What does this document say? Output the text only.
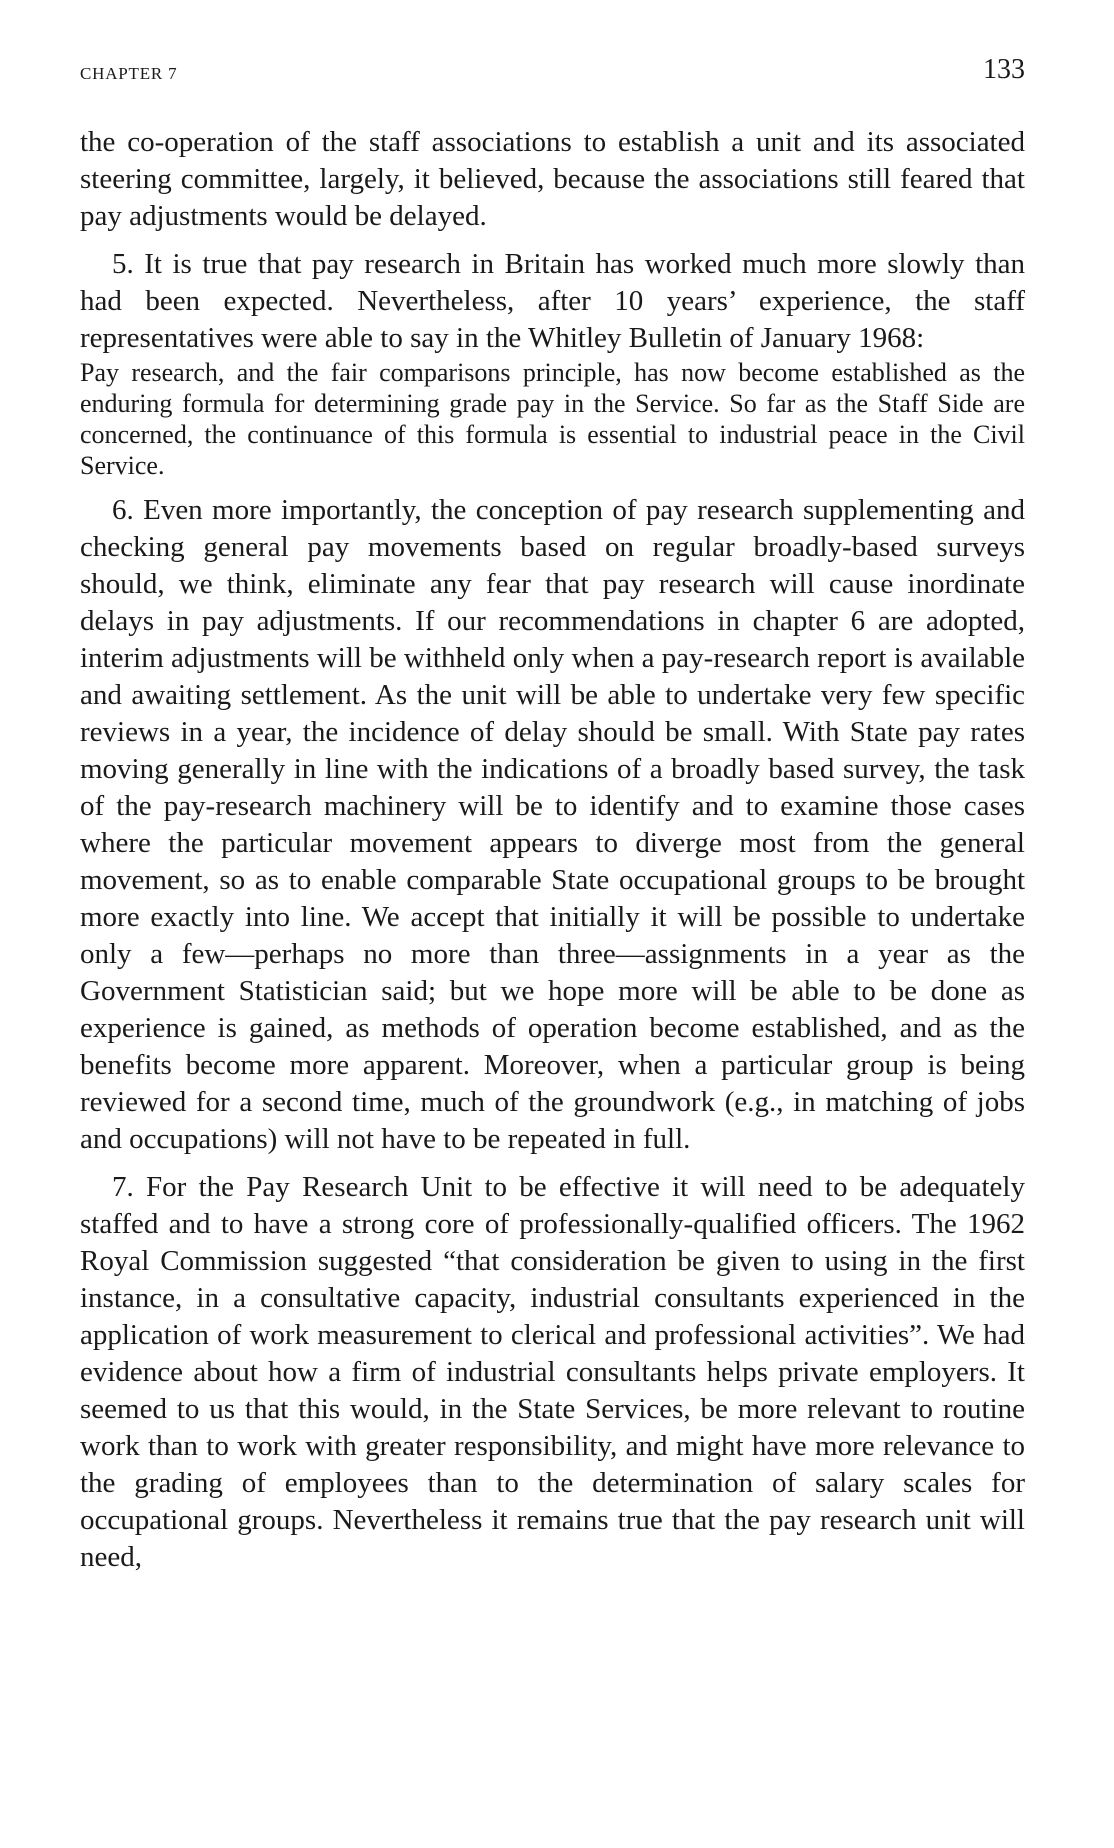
CHAPTER 7	133

the co-operation of the staff associations to establish a unit and its associated steering committee, largely, it believed, because the associations still feared that pay adjustments would be delayed.

5. It is true that pay research in Britain has worked much more slowly than had been expected. Nevertheless, after 10 years’ experience, the staff representatives were able to say in the Whitley Bulletin of January 1968:

Pay research, and the fair comparisons principle, has now become established as the enduring formula for determining grade pay in the Service. So far as the Staff Side are concerned, the continuance of this formula is essential to industrial peace in the Civil Service.

6. Even more importantly, the conception of pay research supplementing and checking general pay movements based on regular broadly-based surveys should, we think, eliminate any fear that pay research will cause inordinate delays in pay adjustments. If our recommendations in chapter 6 are adopted, interim adjustments will be withheld only when a pay-research report is available and awaiting settlement. As the unit will be able to undertake very few specific reviews in a year, the incidence of delay should be small. With State pay rates moving generally in line with the indications of a broadly based survey, the task of the pay-research machinery will be to identify and to examine those cases where the particular movement appears to diverge most from the general movement, so as to enable comparable State occupational groups to be brought more exactly into line. We accept that initially it will be possible to undertake only a few—perhaps no more than three—assignments in a year as the Government Statistician said; but we hope more will be able to be done as experience is gained, as methods of operation become established, and as the benefits become more apparent. Moreover, when a particular group is being reviewed for a second time, much of the groundwork (e.g., in matching of jobs and occupations) will not have to be repeated in full.

7. For the Pay Research Unit to be effective it will need to be adequately staffed and to have a strong core of professionally-qualified officers. The 1962 Royal Commission suggested “that consideration be given to using in the first instance, in a consultative capacity, industrial consultants experienced in the application of work measurement to clerical and professional activities”. We had evidence about how a firm of industrial consultants helps private employers. It seemed to us that this would, in the State Services, be more relevant to routine work than to work with greater responsibility, and might have more relevance to the grading of employees than to the determination of salary scales for occupational groups. Nevertheless it remains true that the pay research unit will need,
